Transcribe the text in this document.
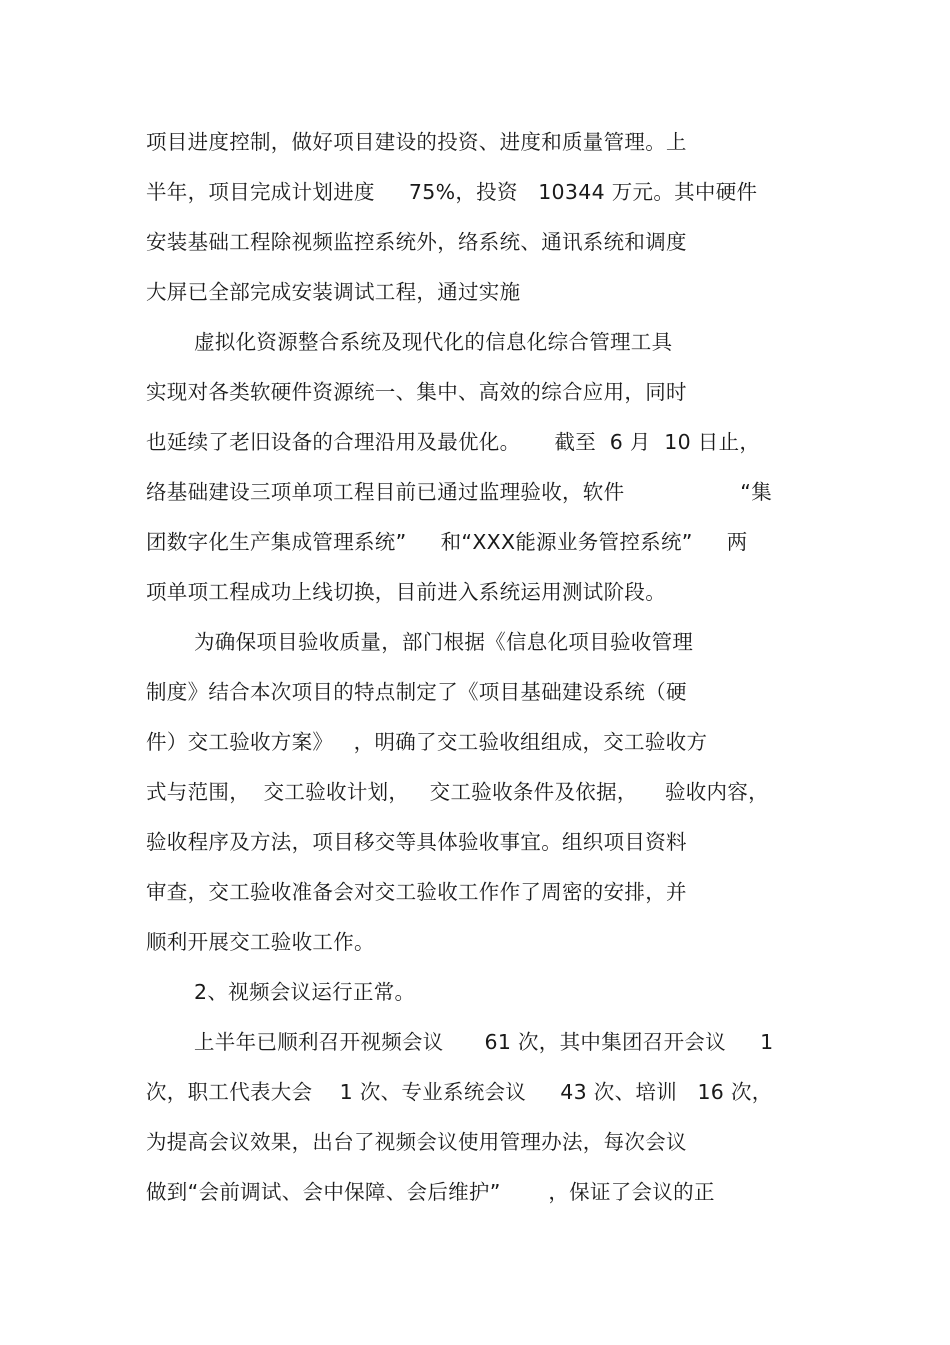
项目进度控制，做好项目建设的投资、进度和质量管理。上
半年，项目完成计划进度     75%，投资   10344 万元。其中硬件
安装基础工程除视频监控系统外，络系统、通讯系统和调度
大屏已全部完成安装调试工程，通过实施
虚拟化资源整合系统及现代化的信息化综合管理工具
实现对各类软硬件资源统一、集中、高效的综合应用，同时
也延续了老旧设备的合理沿用及最优化。     截至  6 月  10 日止，
络基础建设三项单项工程目前已通过监理验收，软件                 “集
团数字化生产集成管理系统”     和“XXX能源业务管控系统”     两
项单项工程成功上线切换，目前进入系统运用测试阶段。
为确保项目验收质量，部门根据《信息化项目验收管理
制度》结合本次项目的特点制定了《项目基础建设系统（硬
件）交工验收方案》   ，明确了交工验收组组成，交工验收方
式与范围，  交工验收计划，   交工验收条件及依据，    验收内容，
验收程序及方法，项目移交等具体验收事宜。组织项目资料
审查，交工验收准备会对交工验收工作作了周密的安排，并
顺利开展交工验收工作。
2、视频会议运行正常。
上半年已顺利召开视频会议      61 次，其中集团召开会议     1
次，职工代表大会    1 次、专业系统会议     43 次、培训   16 次，
为提高会议效果，出台了视频会议使用管理办法，每次会议
做到“会前调试、会中保障、会后维护”       ，保证了会议的正
